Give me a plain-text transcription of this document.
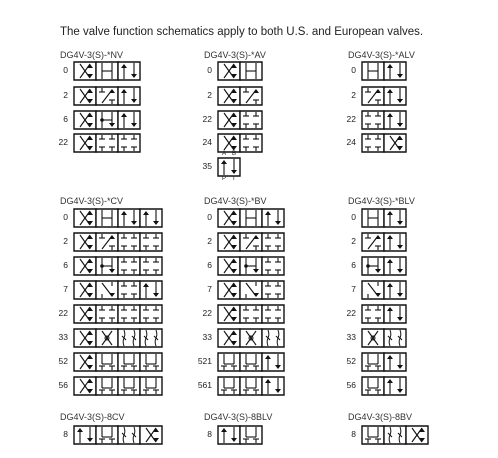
The valve function schematics apply to both U.S. and European valves.
DG4V-3(S)-*NV
0
2
6
22
DG4V-3(S)-*AV
0
2
22
24
35
A B
P T
DG4V-3(S)-*ALV
0
2
22
24
DG4V-3(S)-*CV
0
2
6
7
22
33
52
56
DG4V-3(S)-*BV
0
2
6
7
22
33
521
561
DG4V-3(S)-*BLV
0
2
6
7
22
33
52
56
DG4V-3(S)-8CV
8
DG4V-3(S)-8BLV
8
DG4V-3(S)-8BV
8
